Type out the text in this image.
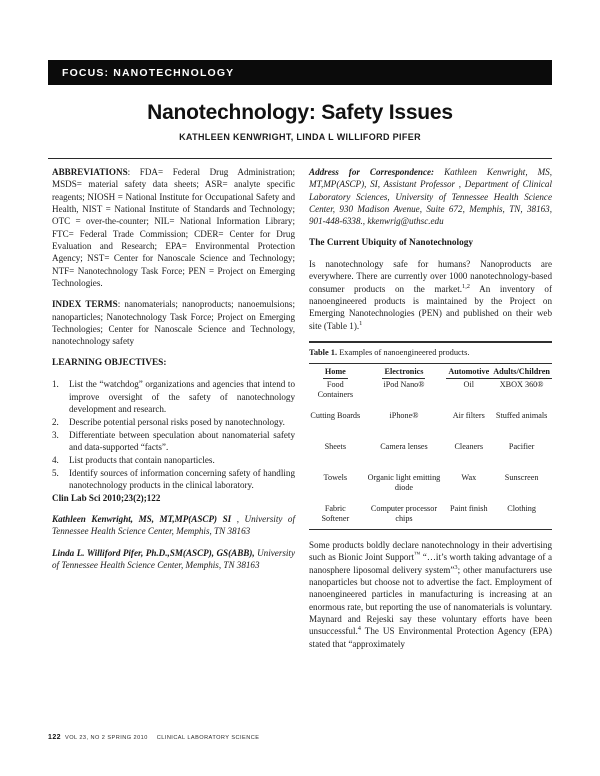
FOCUS: NANOTECHNOLOGY
Nanotechnology: Safety Issues
KATHLEEN KENWRIGHT, LINDA L WILLIFORD PIFER

ABBREVIATIONS: FDA= Federal Drug Administration; MSDS= material safety data sheets; ASR= analyte specific reagents; NIOSH = National Institute for Occupational Safety and Health, NIST = National Institute of Standards and Technology; OTC = over-the-counter; NIL= National Information Library; FTC= Federal Trade Commission; CDER= Center for Drug Evaluation and Research; EPA= Environmental Protection Agency; NST= Center for Nanoscale Science and Technology; NTF= Nanotechnology Task Force; PEN = Project on Emerging Technologies.

INDEX TERMS: nanomaterials; nanoproducts; nanoemulsions; nanoparticles; Nanotechnology Task Force; Project on Emerging Technologies; Center for Nanoscale Science and Technology, nanotechnology safety

LEARNING OBJECTIVES:

1.	List the “watchdog” organizations and agencies that intend to improve oversight of the safety of nanotechnology development and research.
2.	Describe potential personal risks posed by nanotechnology.
3.	Differentiate between speculation about nanomaterial safety and data-supported “facts”.
4.	List products that contain nanoparticles.
5.	Identify sources of information concerning safety of handling nanotechnology products in the clinical laboratory.

Clin Lab Sci 2010;23(2);122

Kathleen Kenwright, MS, MT,MP(ASCP) SI , University of Tennessee Health Science Center, Memphis, TN 38163

Linda L. Williford Pifer, Ph.D.,SM(ASCP), GS(ABB), University of Tennessee Health Science Center, Memphis, TN 38163

Address for Correspondence: Kathleen Kenwright, MS, MT,MP(ASCP), SI, Assistant Professor , Department of Clinical Laboratory Sciences, University of Tennessee Health Science Center, 930 Madison Avenue, Suite 672, Memphis, TN, 38163, 901-448-6338., kkenwrig@uthsc.edu

The Current Ubiquity of Nanotechnology

Is nanotechnology safe for humans? Nanoproducts are everywhere. There are currently over 1000 nanotechnology-based consumer products on the market.$^{1,2}$ An inventory of nanoengineered products is maintained by the Project on Emerging Nanotechnologies (PEN) and published on their web site (Table 1).$^1$

Table 1. Examples of nanoengineered products.
Home	Electronics	Automotive	Adults/Children
Food Containers	iPod Nano®	Oil	XBOX 360®
Cutting Boards	iPhone®	Air filters	Stuffed animals
Sheets	Camera lenses	Cleaners	Pacifier
Towels	Organic light emitting diode	Wax	Sunscreen
Fabric Softener	Computer processor chips	Paint finish	Clothing

Some products boldly declare nanotechnology in their advertising such as Bionic Joint Support™ “…it’s worth taking advantage of a nanosphere liposomal delivery system”$^3$; other manufacturers use nanoparticles but choose not to advertise the fact. Employment of nanoengineered particles in manufacturing is increasing at an enormous rate, but reporting the use of nanomaterials is voluntary. Maynard and Rejeski say these voluntary efforts have been unsuccessful.$^4$ The US Environmental Protection Agency (EPA) stated that “approximately

122 VOL 23, NO 2 SPRING 2010 CLINICAL LABORATORY SCIENCE
